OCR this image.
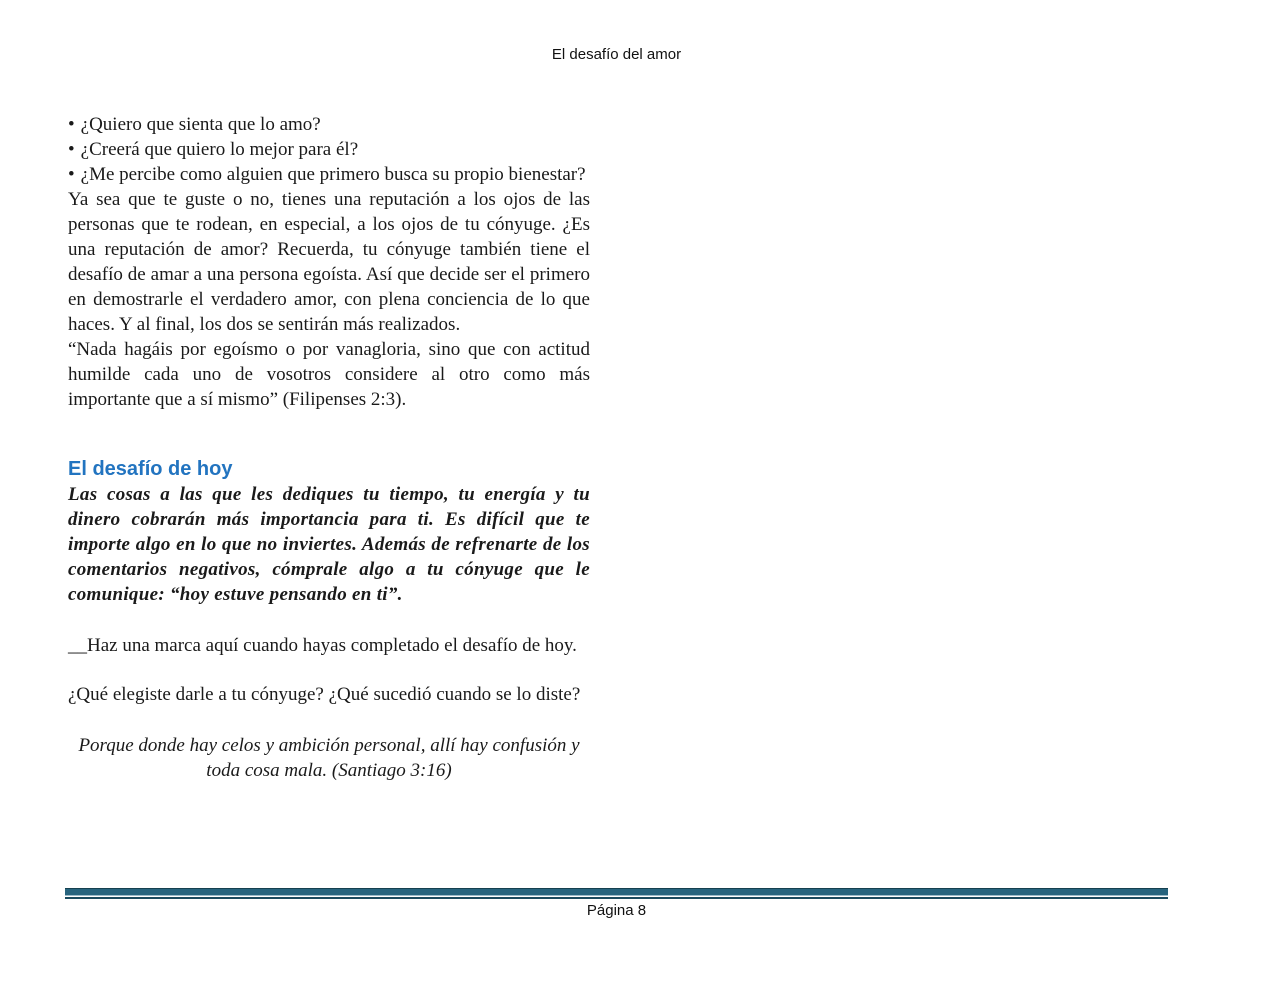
El desafío del amor
• ¿Quiero que sienta que lo amo?
• ¿Creerá que quiero lo mejor para él?
• ¿Me percibe como alguien que primero busca su propio bienestar?

Ya sea que te guste o no, tienes una reputación a los ojos de las personas que te rodean, en especial, a los ojos de tu cónyuge. ¿Es una reputación de amor? Recuerda, tu cónyuge también tiene el desafío de amar a una persona egoísta. Así que decide ser el primero en demostrarle el verdadero amor, con plena conciencia de lo que haces. Y al final, los dos se sentirán más realizados.

“Nada hagáis por egoísmo o por vanagloria, sino que con actitud humilde cada uno de vosotros considere al otro como más importante que a sí mismo” (Filipenses 2:3).

El desafío de hoy

Las cosas a las que les dediques tu tiempo, tu energía y tu dinero cobrarán más importancia para ti. Es difícil que te importe algo en lo que no inviertes. Además de refrenarte de los comentarios negativos, cómprale algo a tu cónyuge que le comunique: “hoy estuve pensando en ti”.

__Haz una marca aquí cuando hayas completado el desafío de hoy.

¿Qué elegiste darle a tu cónyuge? ¿Qué sucedió cuando se lo diste?

Porque donde hay celos y ambición personal, allí hay confusión y toda cosa mala. (Santiago 3:16)

Página 8
